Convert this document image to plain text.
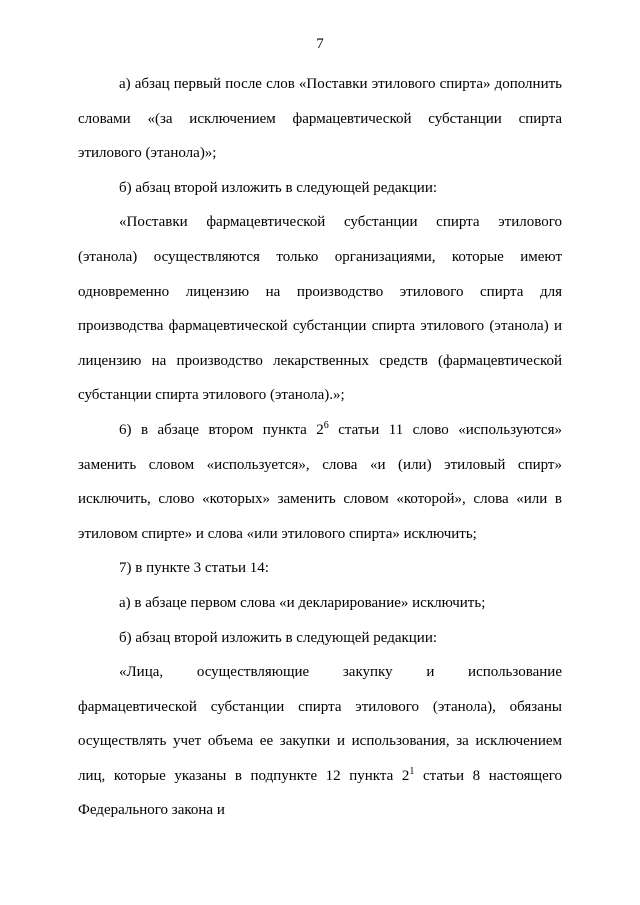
7

а) абзац первый после слов «Поставки этилового спирта» дополнить словами «(за исключением фармацевтической субстанции спирта этилового (этанола)»;

б) абзац второй изложить в следующей редакции:

«Поставки фармацевтической субстанции спирта этилового (этанола) осуществляются только организациями, которые имеют одновременно лицензию на производство этилового спирта для производства фармацевтической субстанции спирта этилового (этанола) и лицензию на производство лекарственных средств (фармацевтической субстанции спирта этилового (этанола).»;

6) в абзаце втором пункта $2^6$ статьи 11 слово «используются» заменить словом «используется», слова «и (или) этиловый спирт» исключить, слово «которых» заменить словом «которой», слова «или в этиловом спирте» и слова «или этилового спирта» исключить;

7) в пункте 3 статьи 14:

а) в абзаце первом слова «и декларирование» исключить;

б) абзац второй изложить в следующей редакции:

«Лица, осуществляющие закупку и использование фармацевтической субстанции спирта этилового (этанола), обязаны осуществлять учет объема ее закупки и использования, за исключением лиц, которые указаны в подпункте 12 пункта $2^1$ статьи 8 настоящего Федерального закона и
